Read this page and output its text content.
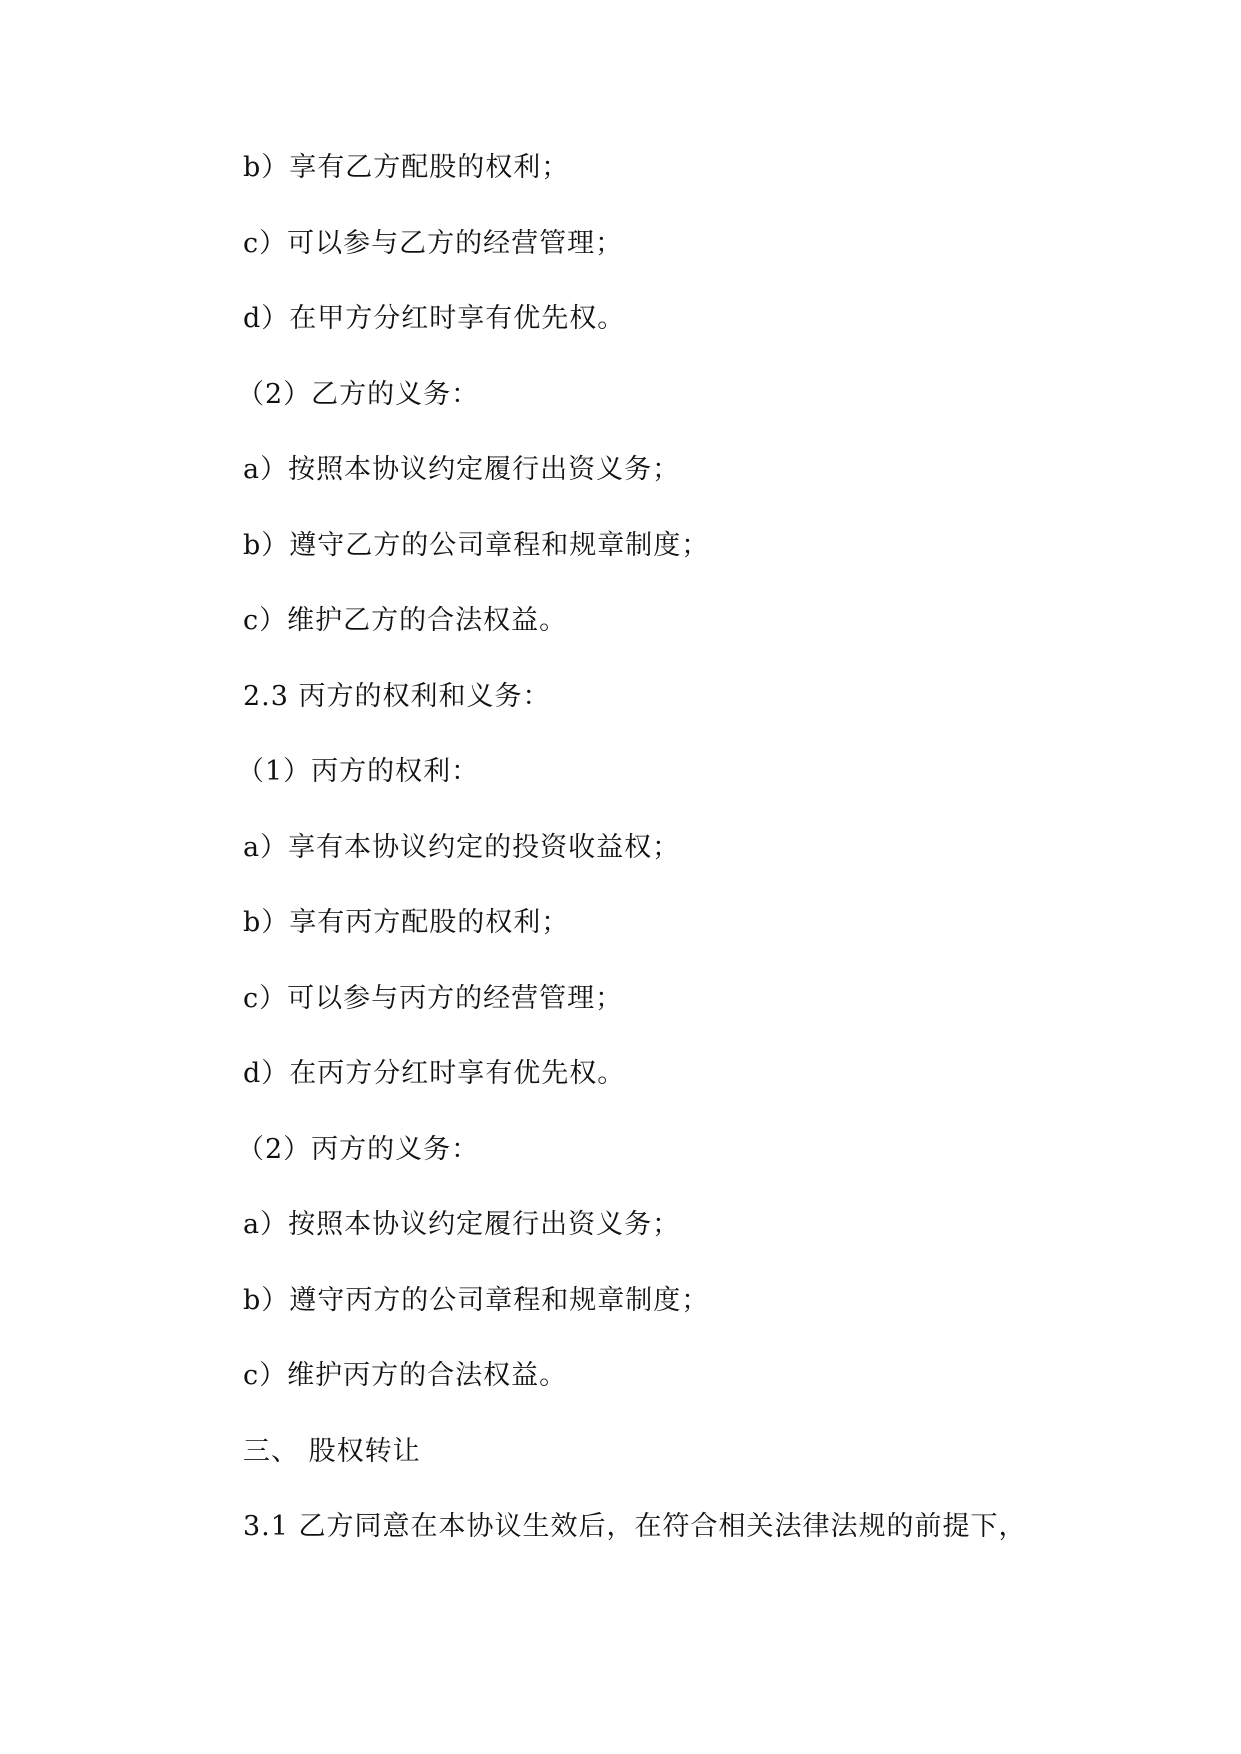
b）享有乙方配股的权利；
c）可以参与乙方的经营管理；
d）在甲方分红时享有优先权。
（2）乙方的义务：
a）按照本协议约定履行出资义务；
b）遵守乙方的公司章程和规章制度；
c）维护乙方的合法权益。
2.3 丙方的权利和义务：
（1）丙方的权利：
a）享有本协议约定的投资收益权；
b）享有丙方配股的权利；
c）可以参与丙方的经营管理；
d）在丙方分红时享有优先权。
（2）丙方的义务：
a）按照本协议约定履行出资义务；
b）遵守丙方的公司章程和规章制度；
c）维护丙方的合法权益。
三、 股权转让
3.1 乙方同意在本协议生效后，在符合相关法律法规的前提下，
